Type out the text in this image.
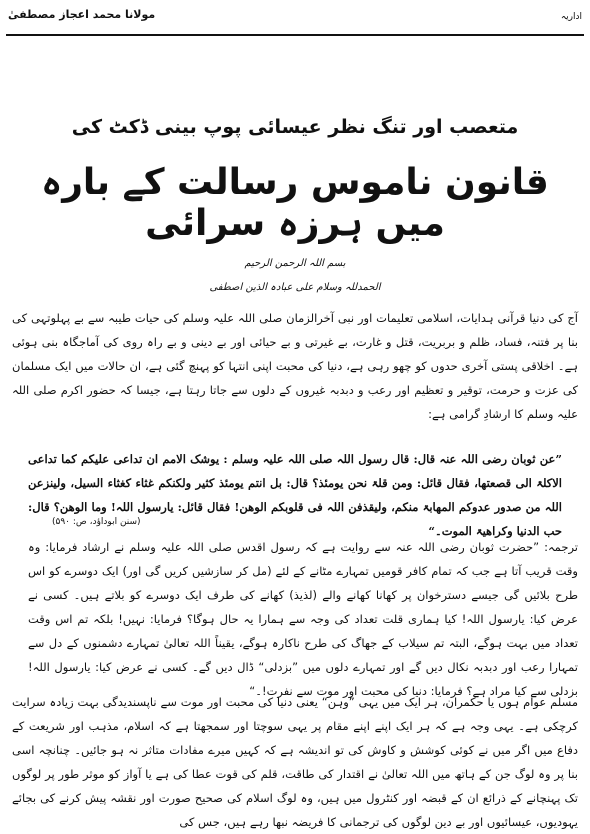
مولانا محمد اعجاز مصطفیٰ	اداریہ
متعصب اور تنگ نظر عیسائی پوپ بینی ڈکٹ کی
قانون ناموس رسالت کے بارہ میں ہرزہ سرائی
بسم اللہ الرحمن الرحیم
الحمدللہ وسلام علی عبادہ الذین اصطفی
آج کی دنیا قرآنی ہدایات، اسلامی تعلیمات اور نبی آخرالزمان صلی اللہ علیہ وسلم کی حیات طیبہ سے بے پہلوتہی کی بنا پر فتنہ، فساد، ظلم و بربریت، قتل و غارت، بے غیرتی و بے حیائی اور بے دینی و بے راہ روی کی آماجگاہ بنی ہوئی ہے۔ اخلاقی پستی آخری حدوں کو چھو رہی ہے، دنیا کی محبت اپنی انتہا کو پہنچ گئی ہے، ان حالات میں ایک مسلمان کی عزت و حرمت، توقیر و تعظیم اور رعب و دبدبہ غیروں کے دلوں سے جاتا رہتا ہے، جیسا کہ حضور اکرم صلی اللہ علیہ وسلم کا ارشادِ گرامی ہے:
”عن ثوبان رضی اللہ عنہ قال: قال رسول اللہ صلی اللہ علیہ وسلم : یوشک الامم ان تداعی علیکم کما تداعی الاکلۃ الی قصعتھا، فقال قائل: ومن قلۃ نحن یومئذ؟ قال: بل انتم یومئذ کثیر ولکنکم غثاء کغثاء السیل، ولینزعن اللہ من صدور عدوکم المھابۃ منکم، ولیقذفن اللہ فی قلوبکم الوھن! فقال قائل: یارسول اللہ! وما الوھن؟ قال: حب الدنیا وکراھیۃ الموت۔“
(سنن ابوداؤد، ص: ۵۹۰)
ترجمہ: ”حضرت ثوبان رضی اللہ عنہ سے روایت ہے کہ رسول اقدس صلی اللہ علیہ وسلم نے ارشاد فرمایا: وہ وقت قریب آتا ہے جب کہ تمام کافر قومیں تمہارے مٹانے کے لئے (مل کر سازشیں کریں گی اور) ایک دوسرے کو اس طرح بلائیں گی جیسے دسترخوان پر کھانا کھانے والے (لذیذ) کھانے کی طرف ایک دوسرے کو بلاتے ہیں۔ کسی نے عرض کیا: یارسول اللہ! کیا ہماری قلت تعداد کی وجہ سے ہمارا یہ حال ہوگا؟ فرمایا: نہیں! بلکہ تم اس وقت تعداد میں بہت ہوگے، البتہ تم سیلاب کے جھاگ کی طرح ناکارہ ہوگے، یقیناً اللہ تعالیٰ تمہارے دشمنوں کے دل سے تمہارا رعب اور دبدبہ نکال دیں گے اور تمہارے دلوں میں ”بزدلی“ ڈال دیں گے۔ کسی نے عرض کیا: یارسول اللہ! بزدلی سے کیا مراد ہے؟ فرمایا: دنیا کی محبت اور موت سے نفرت!۔“
مسلم عوام ہوں یا حکمران، ہر ایک میں یہی ”وہن“ یعنی دنیا کی محبت اور موت سے ناپسندیدگی بہت زیادہ سرایت کرچکی ہے۔ یہی وجہ ہے کہ ہر ایک اپنے اپنے مقام پر یہی سوچتا اور سمجھتا ہے کہ اسلام، مذہب اور شریعت کے دفاع میں اگر میں نے کوئی کوشش و کاوش کی تو اندیشہ ہے کہ کہیں میرے مفادات متاثر نہ ہو جائیں۔ چنانچہ اسی بنا پر وہ لوگ جن کے ہاتھ میں اللہ تعالیٰ نے اقتدار کی طاقت، قلم کی قوت عطا کی ہے یا آواز کو موثر طور پر لوگوں تک پہنچانے کے ذرائع ان کے قبضہ اور کنٹرول میں ہیں، وہ لوگ اسلام کی صحیح صورت اور نقشہ پیش کرنے کی بجائے یہودیوں، عیسائیوں اور بے دین لوگوں کی ترجمانی کا فریضہ نبھا رہے ہیں، جس کی
